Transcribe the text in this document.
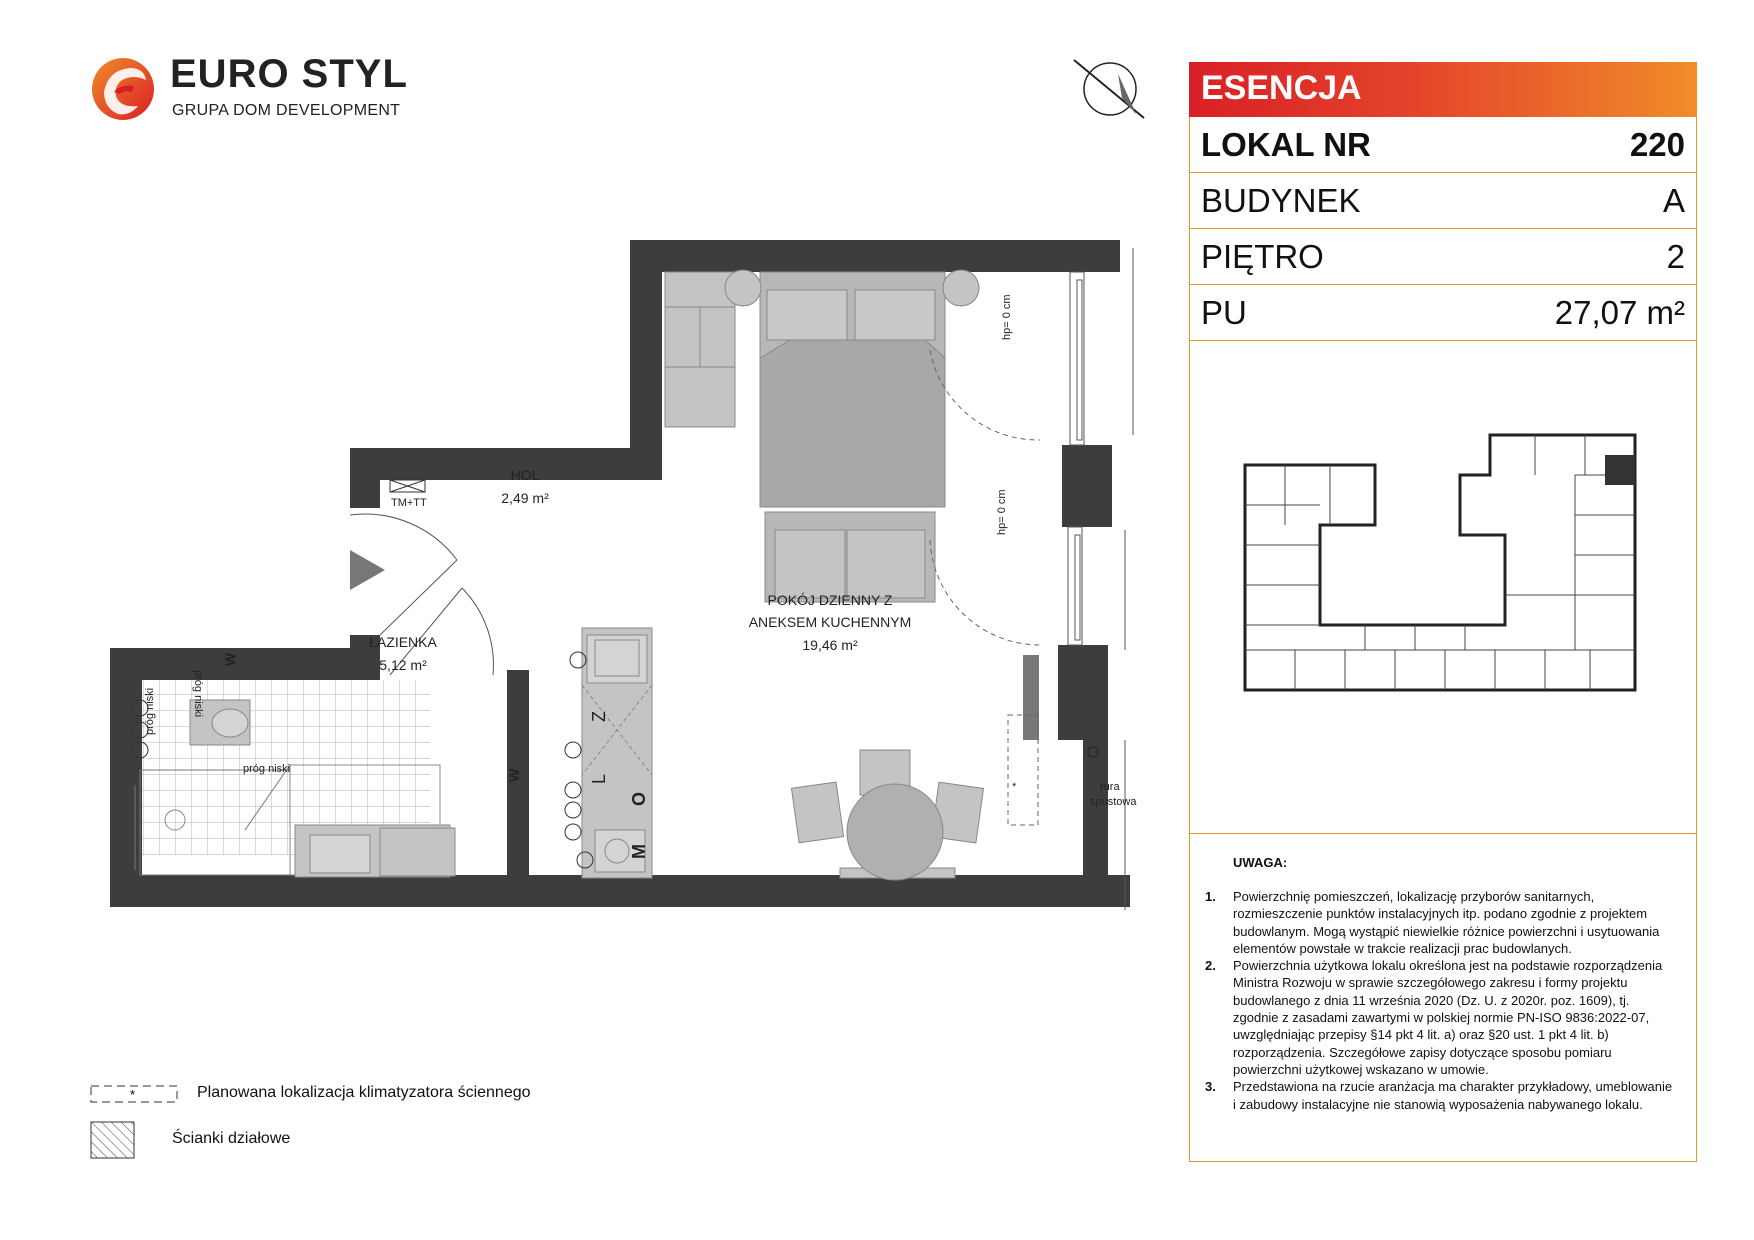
EURO STYL
GRUPA DOM DEVELOPMENT
ESENCJA
LOKAL NR	220
BUDYNEK	A
PIĘTRO	2
PU	27,07 m²
UWAGA:

1. Powierzchnię pomieszczeń, lokalizację przyborów sanitarnych, rozmieszczenie punktów instalacyjnych itp. podano zgodnie z projektem budowlanym. Mogą wystąpić niewielkie różnice powierzchni i usytuowania elementów powstałe w trakcie realizacji prac budowlanych.

2. Powierzchnia użytkowa lokalu określona jest na podstawie rozporządzenia Ministra Rozwoju w sprawie szczegółowego zakresu i formy projektu budowlanego z dnia 11 września 2020 (Dz. U. z 2020r. poz. 1609), tj. zgodnie z zasadami zawartymi w polskiej normie PN-ISO 9836:2022-07, uwzględniając przepisy §14 pkt 4 lit. a) oraz §20 ust. 1 pkt 4 lit. b) rozporządzenia. Szczegółowe zapisy dotyczące sposobu pomiaru powierzchni użytkowej wskazano w umowie.

3. Przedstawiona na rzucie aranżacja ma charakter przykładowy, umeblowanie i zabudowy instalacyjne nie stanowią wyposażenia nabywanego lokalu.

TM+TT
hp= 0 cm
hp= 0 cm
*	rura
spustowa
Z
L
O
M
próg niski
próg niski
próg niski
W
W
HOL
2,49 m²
ŁAZIENKA
5,12 m²
POKÓJ DZIENNY Z
ANEKSEM KUCHENNYM
19,46 m²
*	Planowana lokalizacja klimatyzatora ściennego
Ścianki działowe
